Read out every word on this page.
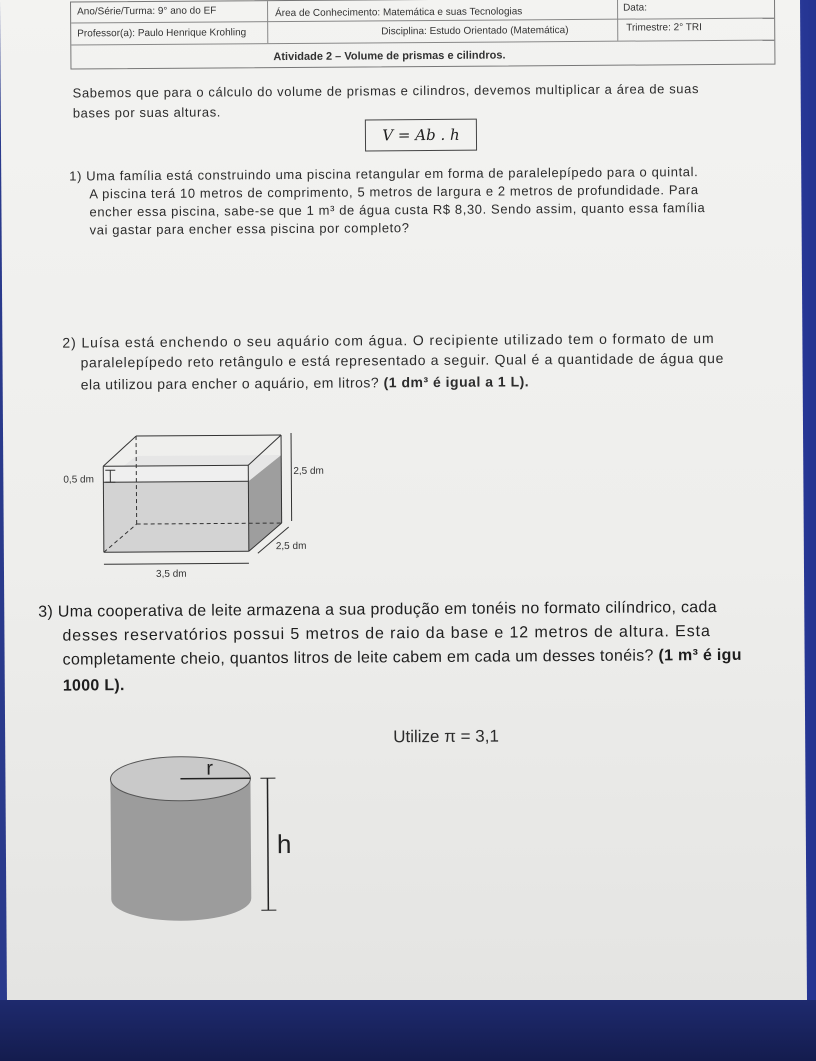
Ano/Série/Turma: 9° ano do EF	Área de Conhecimento: Matemática e suas Tecnologias	Data:
Professor(a): Paulo Henrique Krohling	Disciplina: Estudo Orientado (Matemática)	Trimestre: 2° TRI
Atividade 2 – Volume de prismas e cilindros.
Sabemos que para o cálculo do volume de prismas e cilindros, devemos multiplicar a área de suas
bases por suas alturas.
V = Ab . h
1) Uma família está construindo uma piscina retangular em forma de paralelepípedo para o quintal.
A piscina terá 10 metros de comprimento, 5 metros de largura e 2 metros de profundidade. Para
encher essa piscina, sabe-se que 1 m³ de água custa R$ 8,30. Sendo assim, quanto essa família
vai gastar para encher essa piscina por completo?
2) Luísa está enchendo o seu aquário com água. O recipiente utilizado tem o formato de um
paralelepípedo reto retângulo e está representado a seguir. Qual é a quantidade de água que
ela utilizou para encher o aquário, em litros? (1 dm³ é igual a 1 L).
0,5 dm
2,5 dm
2,5 dm
3,5 dm
3) Uma cooperativa de leite armazena a sua produção em tonéis no formato cilíndrico, cada
desses reservatórios possui 5 metros de raio da base e 12 metros de altura. Esta
completamente cheio, quantos litros de leite cabem em cada um desses tonéis? (1 m³ é igu
1000 L).
Utilize π = 3,1
r
h
